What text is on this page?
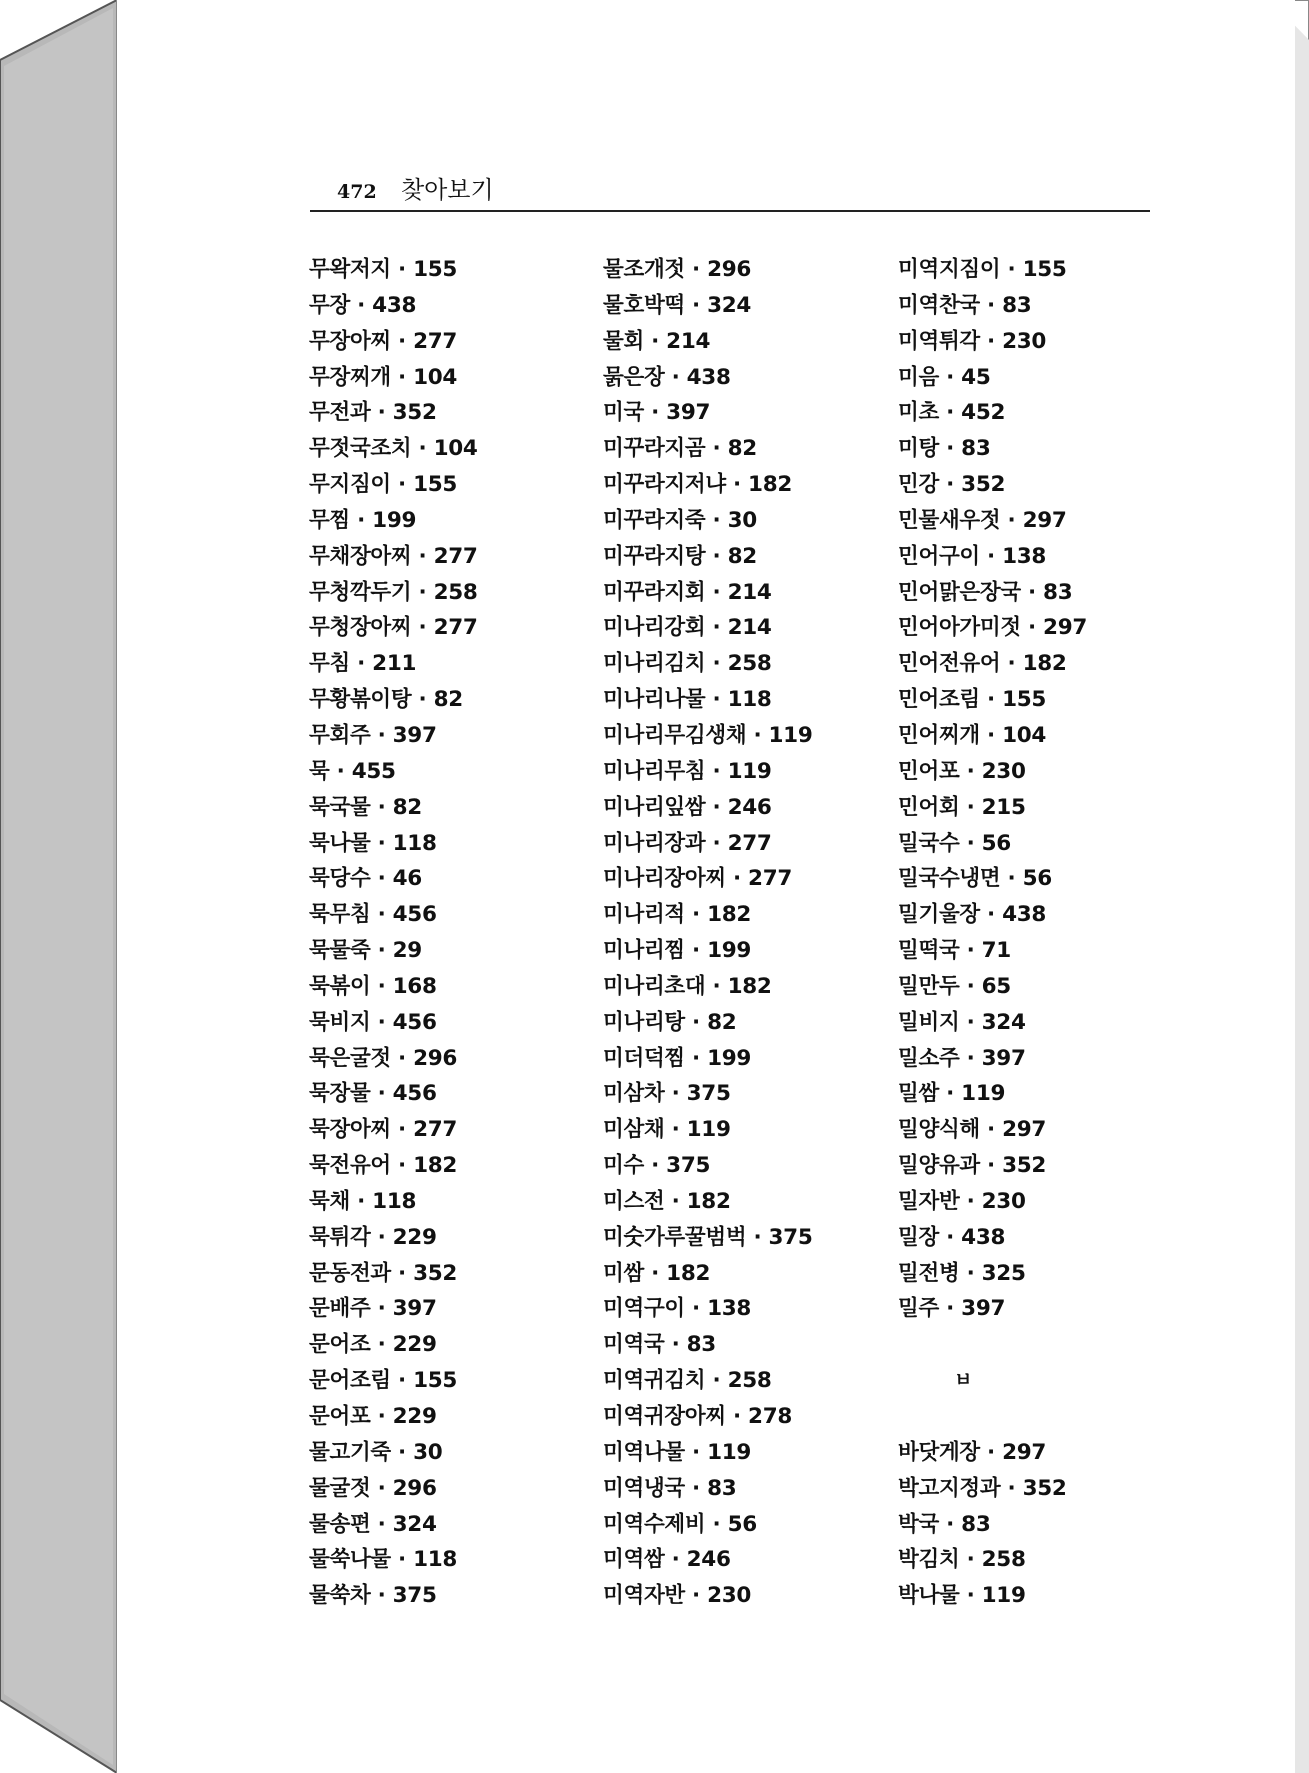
472 찾아보기
무왁저지 · 155
무장 · 438
무장아찌 · 277
무장찌개 · 104
무전과 · 352
무젓국조치 · 104
무지짐이 · 155
무찜 · 199
무채장아찌 · 277
무청깍두기 · 258
무청장아찌 · 277
무침 · 211
무황볶이탕 · 82
무회주 · 397
묵 · 455
묵국물 · 82
묵나물 · 118
묵당수 · 46
묵무침 · 456
묵물죽 · 29
묵볶이 · 168
묵비지 · 456
묵은굴젓 · 296
묵장물 · 456
묵장아찌 · 277
묵전유어 · 182
묵채 · 118
묵튀각 · 229
문동전과 · 352
문배주 · 397
문어조 · 229
문어조림 · 155
문어포 · 229
물고기죽 · 30
물굴젓 · 296
물송편 · 324
물쑥나물 · 118
물쑥차 · 375
물조개젓 · 296
물호박떡 · 324
물회 · 214
묽은장 · 438
미국 · 397
미꾸라지곰 · 82
미꾸라지저냐 · 182
미꾸라지죽 · 30
미꾸라지탕 · 82
미꾸라지회 · 214
미나리강회 · 214
미나리김치 · 258
미나리나물 · 118
미나리무김생채 · 119
미나리무침 · 119
미나리잎쌈 · 246
미나리장과 · 277
미나리장아찌 · 277
미나리적 · 182
미나리찜 · 199
미나리초대 · 182
미나리탕 · 82
미더덕찜 · 199
미삼차 · 375
미삼채 · 119
미수 · 375
미스전 · 182
미숫가루꿀범벅 · 375
미쌈 · 182
미역구이 · 138
미역국 · 83
미역귀김치 · 258
미역귀장아찌 · 278
미역나물 · 119
미역냉국 · 83
미역수제비 · 56
미역쌈 · 246
미역자반 · 230
미역지짐이 · 155
미역찬국 · 83
미역튀각 · 230
미음 · 45
미초 · 452
미탕 · 83
민강 · 352
민물새우젓 · 297
민어구이 · 138
민어맑은장국 · 83
민어아가미젓 · 297
민어전유어 · 182
민어조림 · 155
민어찌개 · 104
민어포 · 230
민어회 · 215
밀국수 · 56
밀국수냉면 · 56
밀기울장 · 438
밀떡국 · 71
밀만두 · 65
밀비지 · 324
밀소주 · 397
밀쌈 · 119
밀양식해 · 297
밀양유과 · 352
밀자반 · 230
밀장 · 438
밀전병 · 325
밀주 · 397
ㅂ
바닷게장 · 297
박고지정과 · 352
박국 · 83
박김치 · 258
박나물 · 119
